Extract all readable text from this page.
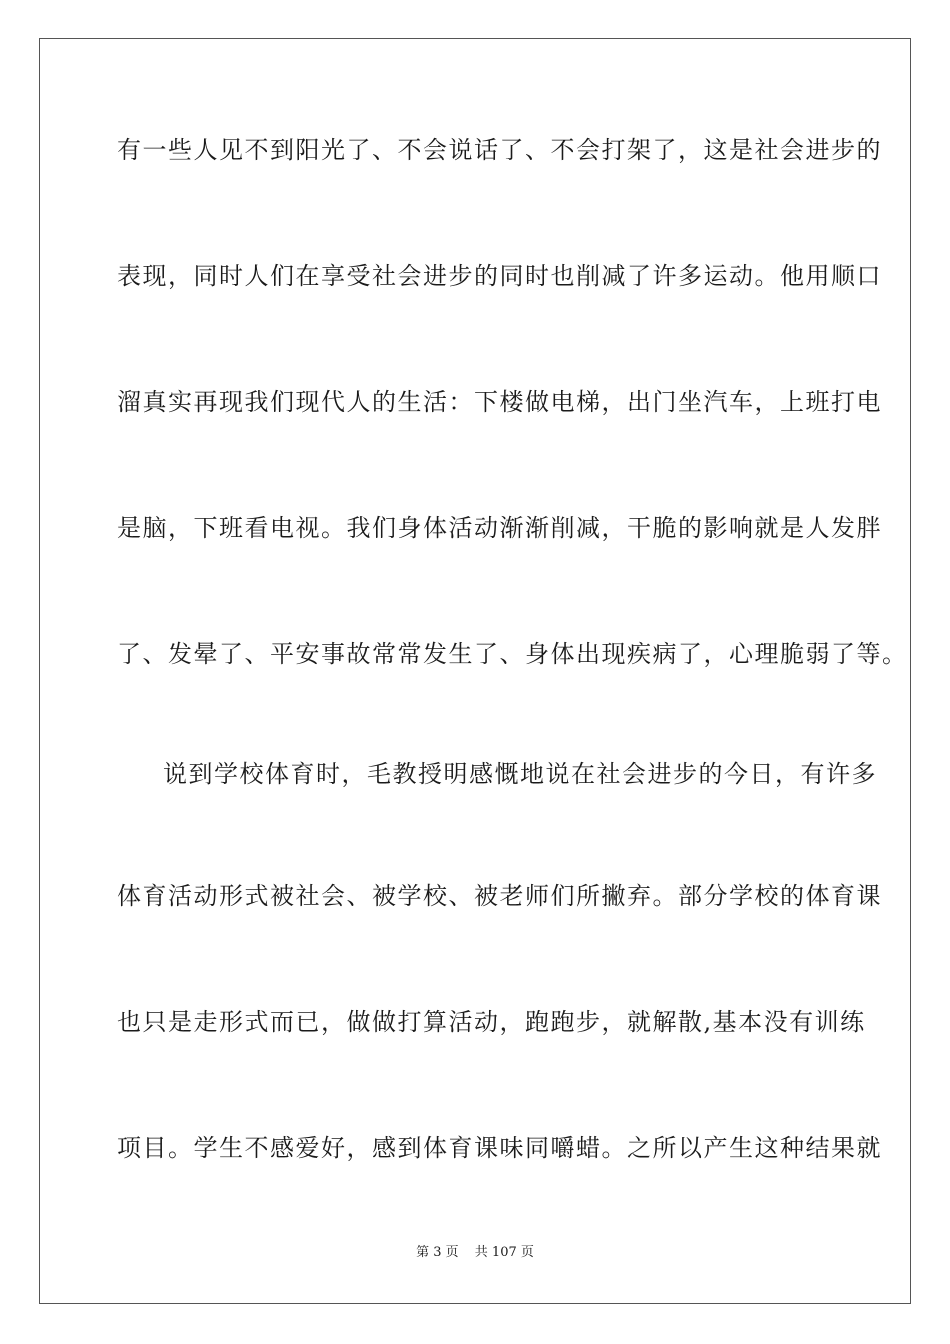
有一些人见不到阳光了、不会说话了、不会打架了，这是社会进步的
表现，同时人们在享受社会进步的同时也削减了许多运动。他用顺口
溜真实再现我们现代人的生活：下楼做电梯，出门坐汽车，上班打电
是脑，下班看电视。我们身体活动渐渐削减，干脆的影响就是人发胖
了、发晕了、平安事故常常发生了、身体出现疾病了，心理脆弱了等。
说到学校体育时，毛教授明感慨地说在社会进步的今日，有许多
体育活动形式被社会、被学校、被老师们所撇弃。部分学校的体育课
也只是走形式而已，做做打算活动，跑跑步，就解散,基本没有训练
项目。学生不感爱好，感到体育课味同嚼蜡。之所以产生这种结果就
第 3 页 共 107 页
